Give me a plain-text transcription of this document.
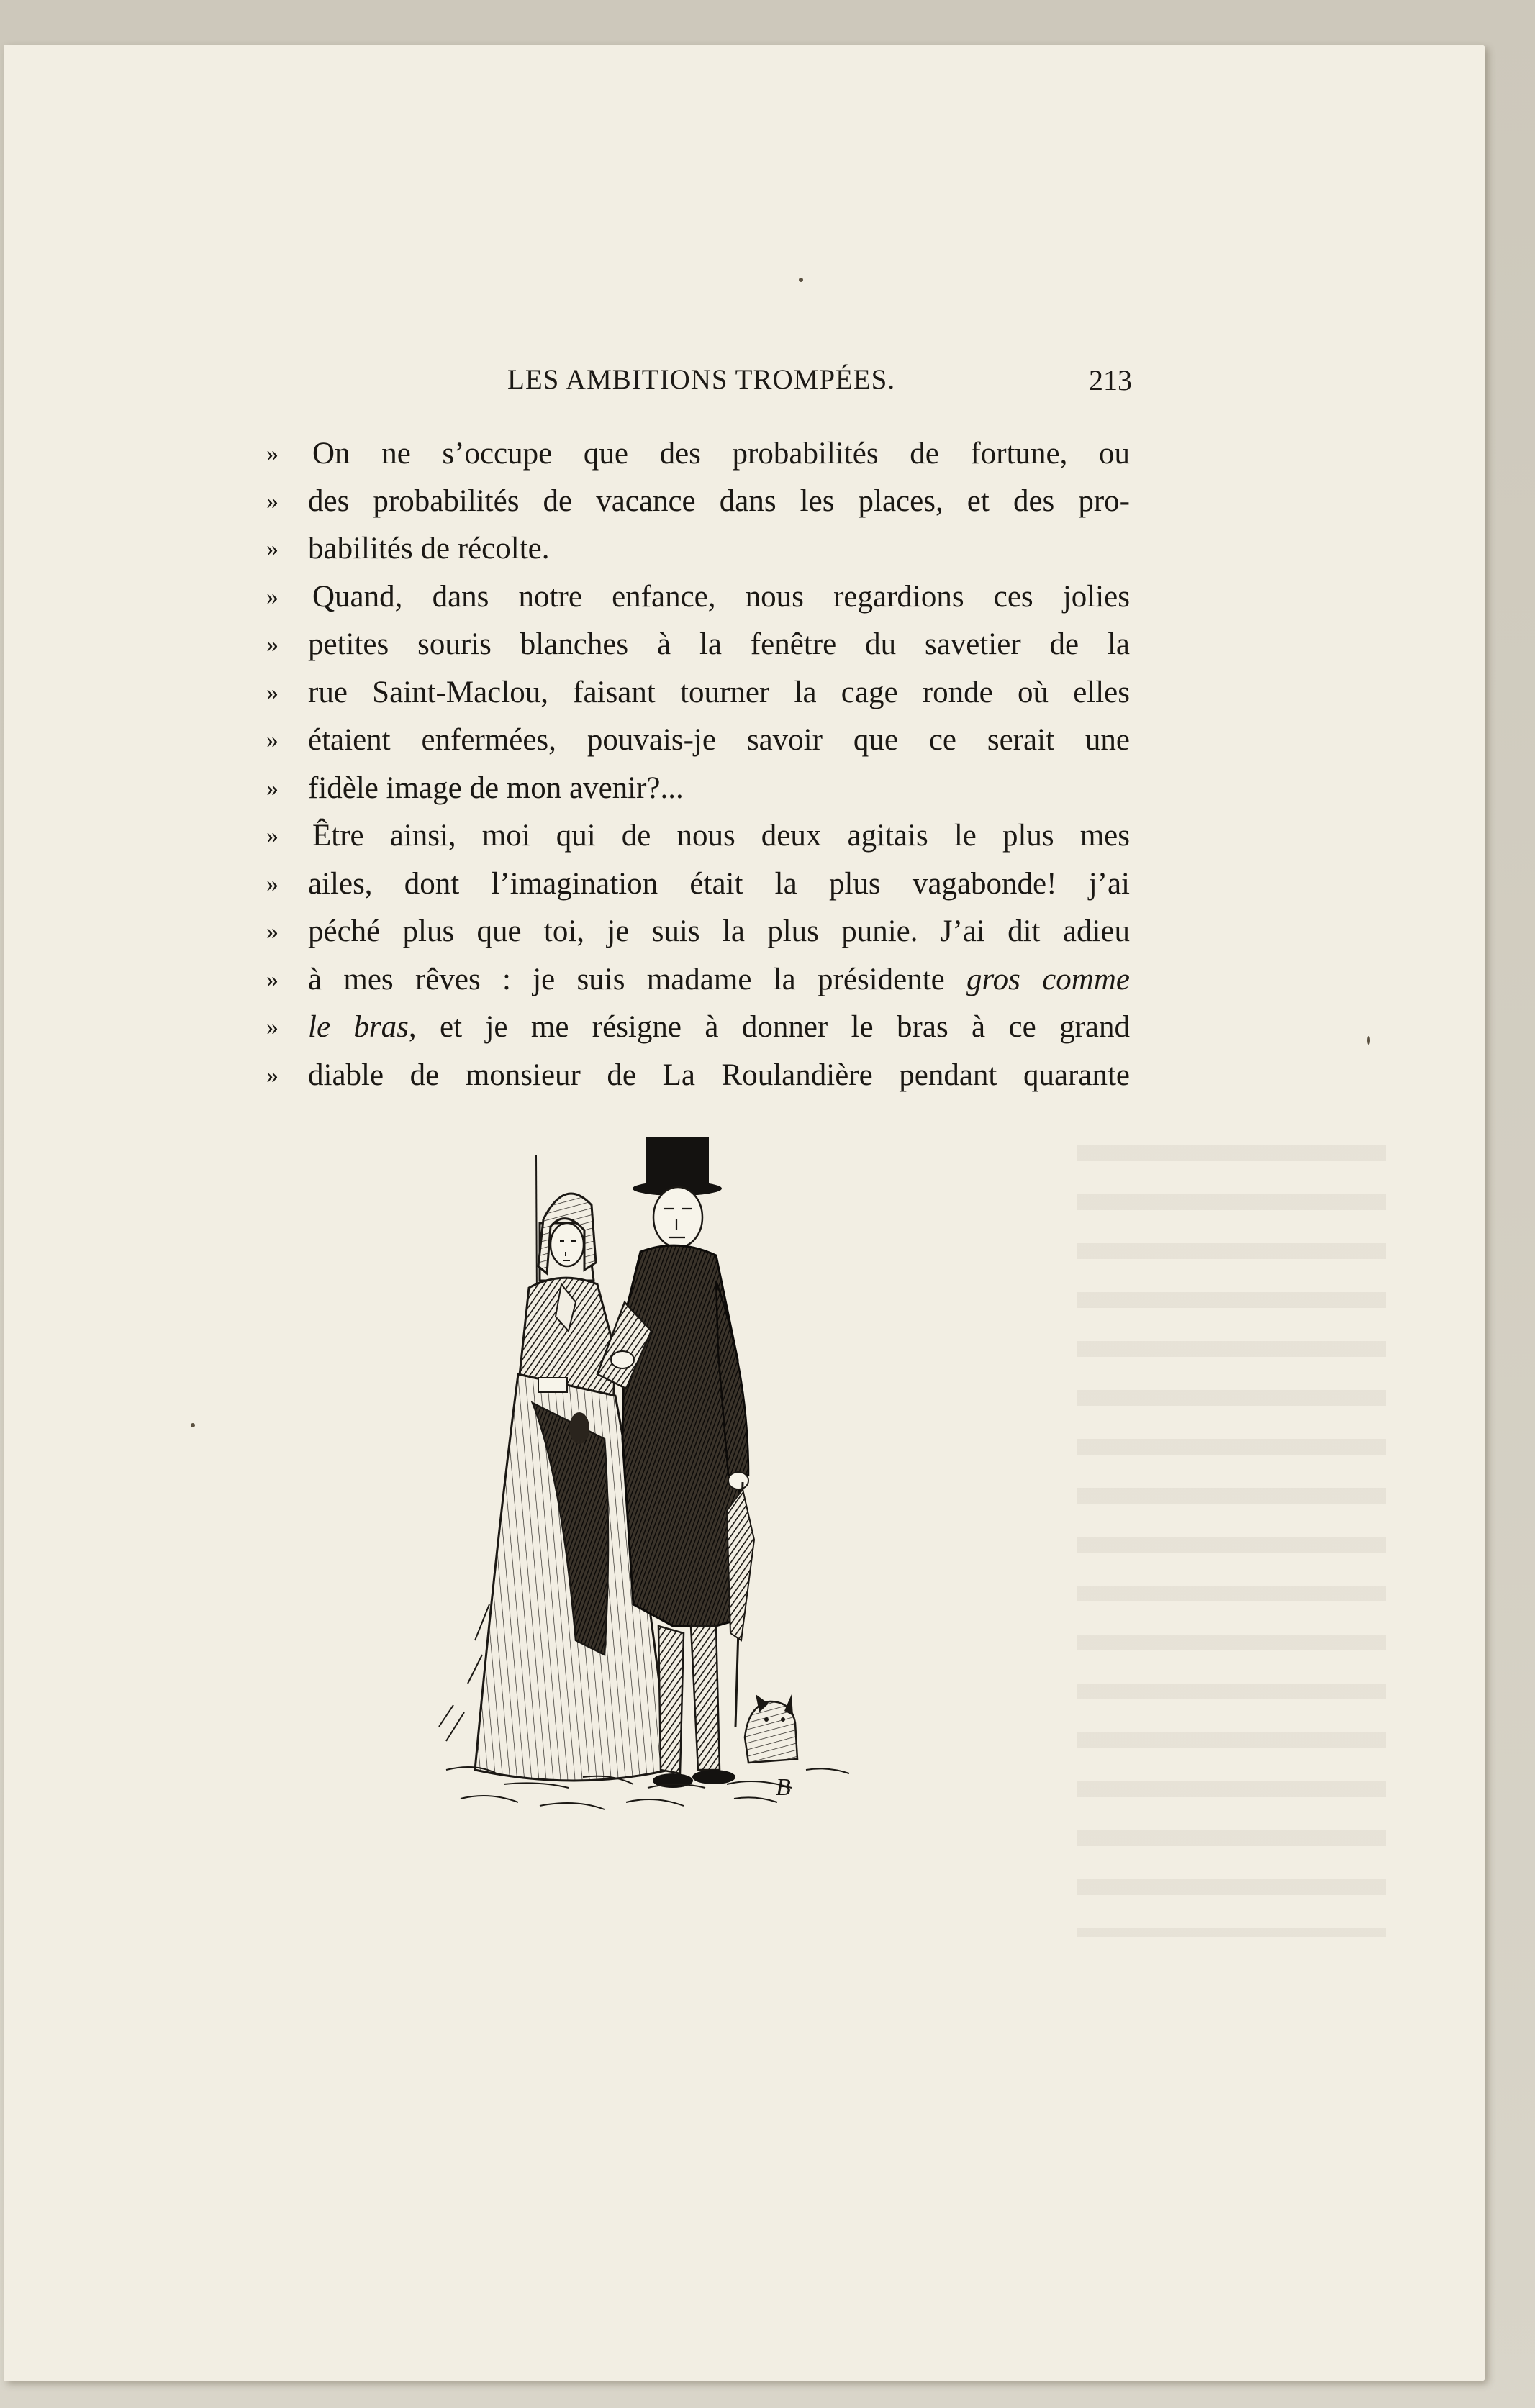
LES AMBITIONS TROMPÉES.	213
»	On ne s’occupe que des probabilités de fortune, ou
» des probabilités de vacance dans les places, et des pro-
» babilités de récolte.
»	Quand, dans notre enfance, nous regardions ces jolies
» petites souris blanches à la fenêtre du savetier de la
» rue Saint-Maclou, faisant tourner la cage ronde où elles
» étaient enfermées, pouvais-je savoir que ce serait une
» fidèle image de mon avenir?...
»	Être ainsi, moi qui de nous deux agitais le plus mes
» ailes, dont l’imagination était la plus vagabonde! j’ai
» péché plus que toi, je suis la plus punie. J’ai dit adieu
» à mes rêves : je suis madame la présidente gros comme
» le bras, et je me résigne à donner le bras à ce grand
» diable de monsieur de La Roulandière pendant quarante
B
